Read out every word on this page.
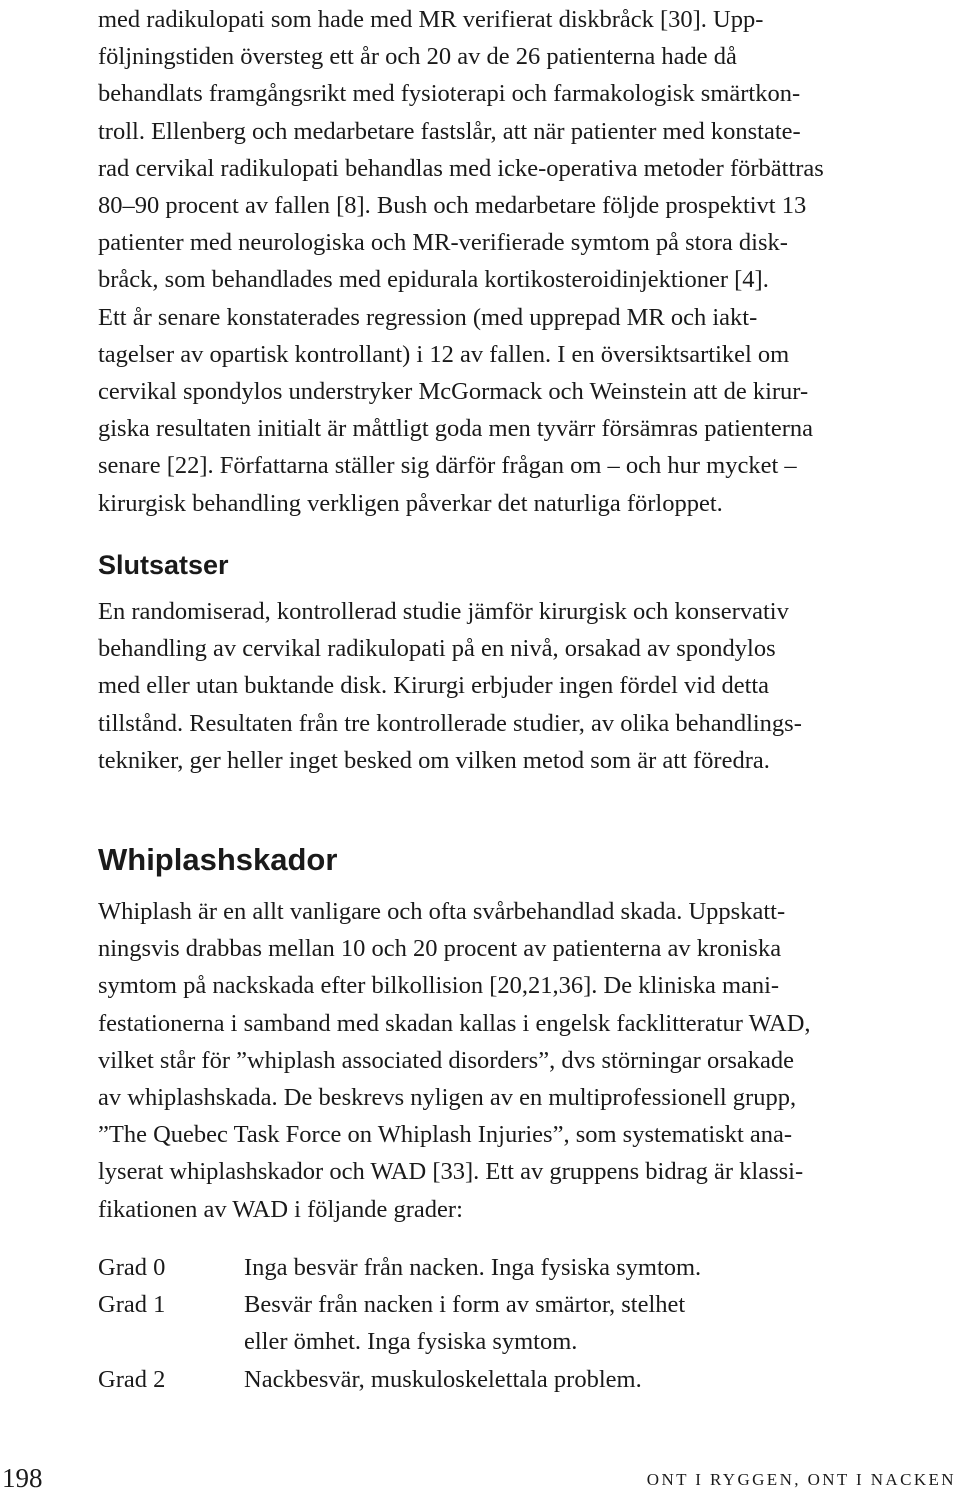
med radikulopati som hade med MR verifierat diskbråck [30]. Upp-
följningstiden översteg ett år och 20 av de 26 patienterna hade då
behandlats framgångsrikt med fysioterapi och farmakologisk smärtkon-
troll. Ellenberg och medarbetare fastslår, att när patienter med konstate-
rad cervikal radikulopati behandlas med icke-operativa metoder förbättras
80–90 procent av fallen [8]. Bush och medarbetare följde prospektivt 13
patienter med neurologiska och MR-verifierade symtom på stora disk-
bråck, som behandlades med epidurala kortikosteroidinjektioner [4].
Ett år senare konstaterades regression (med upprepad MR och iakt-
tagelser av opartisk kontrollant) i 12 av fallen. I en översiktsartikel om
cervikal spondylos understryker McGormack och Weinstein att de kirur-
giska resultaten initialt är måttligt goda men tyvärr försämras patienterna
senare [22]. Författarna ställer sig därför frågan om – och hur mycket –
kirurgisk behandling verkligen påverkar det naturliga förloppet.
Slutsatser
En randomiserad, kontrollerad studie jämför kirurgisk och konservativ
behandling av cervikal radikulopati på en nivå, orsakad av spondylos
med eller utan buktande disk. Kirurgi erbjuder ingen fördel vid detta
tillstånd. Resultaten från tre kontrollerade studier, av olika behandlings-
tekniker, ger heller inget besked om vilken metod som är att föredra.
Whiplashskador
Whiplash är en allt vanligare och ofta svårbehandlad skada. Uppskatt-
ningsvis drabbas mellan 10 och 20 procent av patienterna av kroniska
symtom på nackskada efter bilkollision [20,21,36]. De kliniska mani-
festationerna i samband med skadan kallas i engelsk facklitteratur WAD,
vilket står för ”whiplash associated disorders”, dvs störningar orsakade
av whiplashskada. De beskrevs nyligen av en multiprofessionell grupp,
”The Quebec Task Force on Whiplash Injuries”, som systematiskt ana-
lyserat whiplashskador och WAD [33]. Ett av gruppens bidrag är klassi-
fikationen av WAD i följande grader:
Grad 0	Inga besvär från nacken. Inga fysiska symtom.
Grad 1	Besvär från nacken i form av smärtor, stelhet
eller ömhet. Inga fysiska symtom.
Grad 2	Nackbesvär, muskuloskelettala problem.
198	ONT I RYGGEN, ONT I NACKEN
